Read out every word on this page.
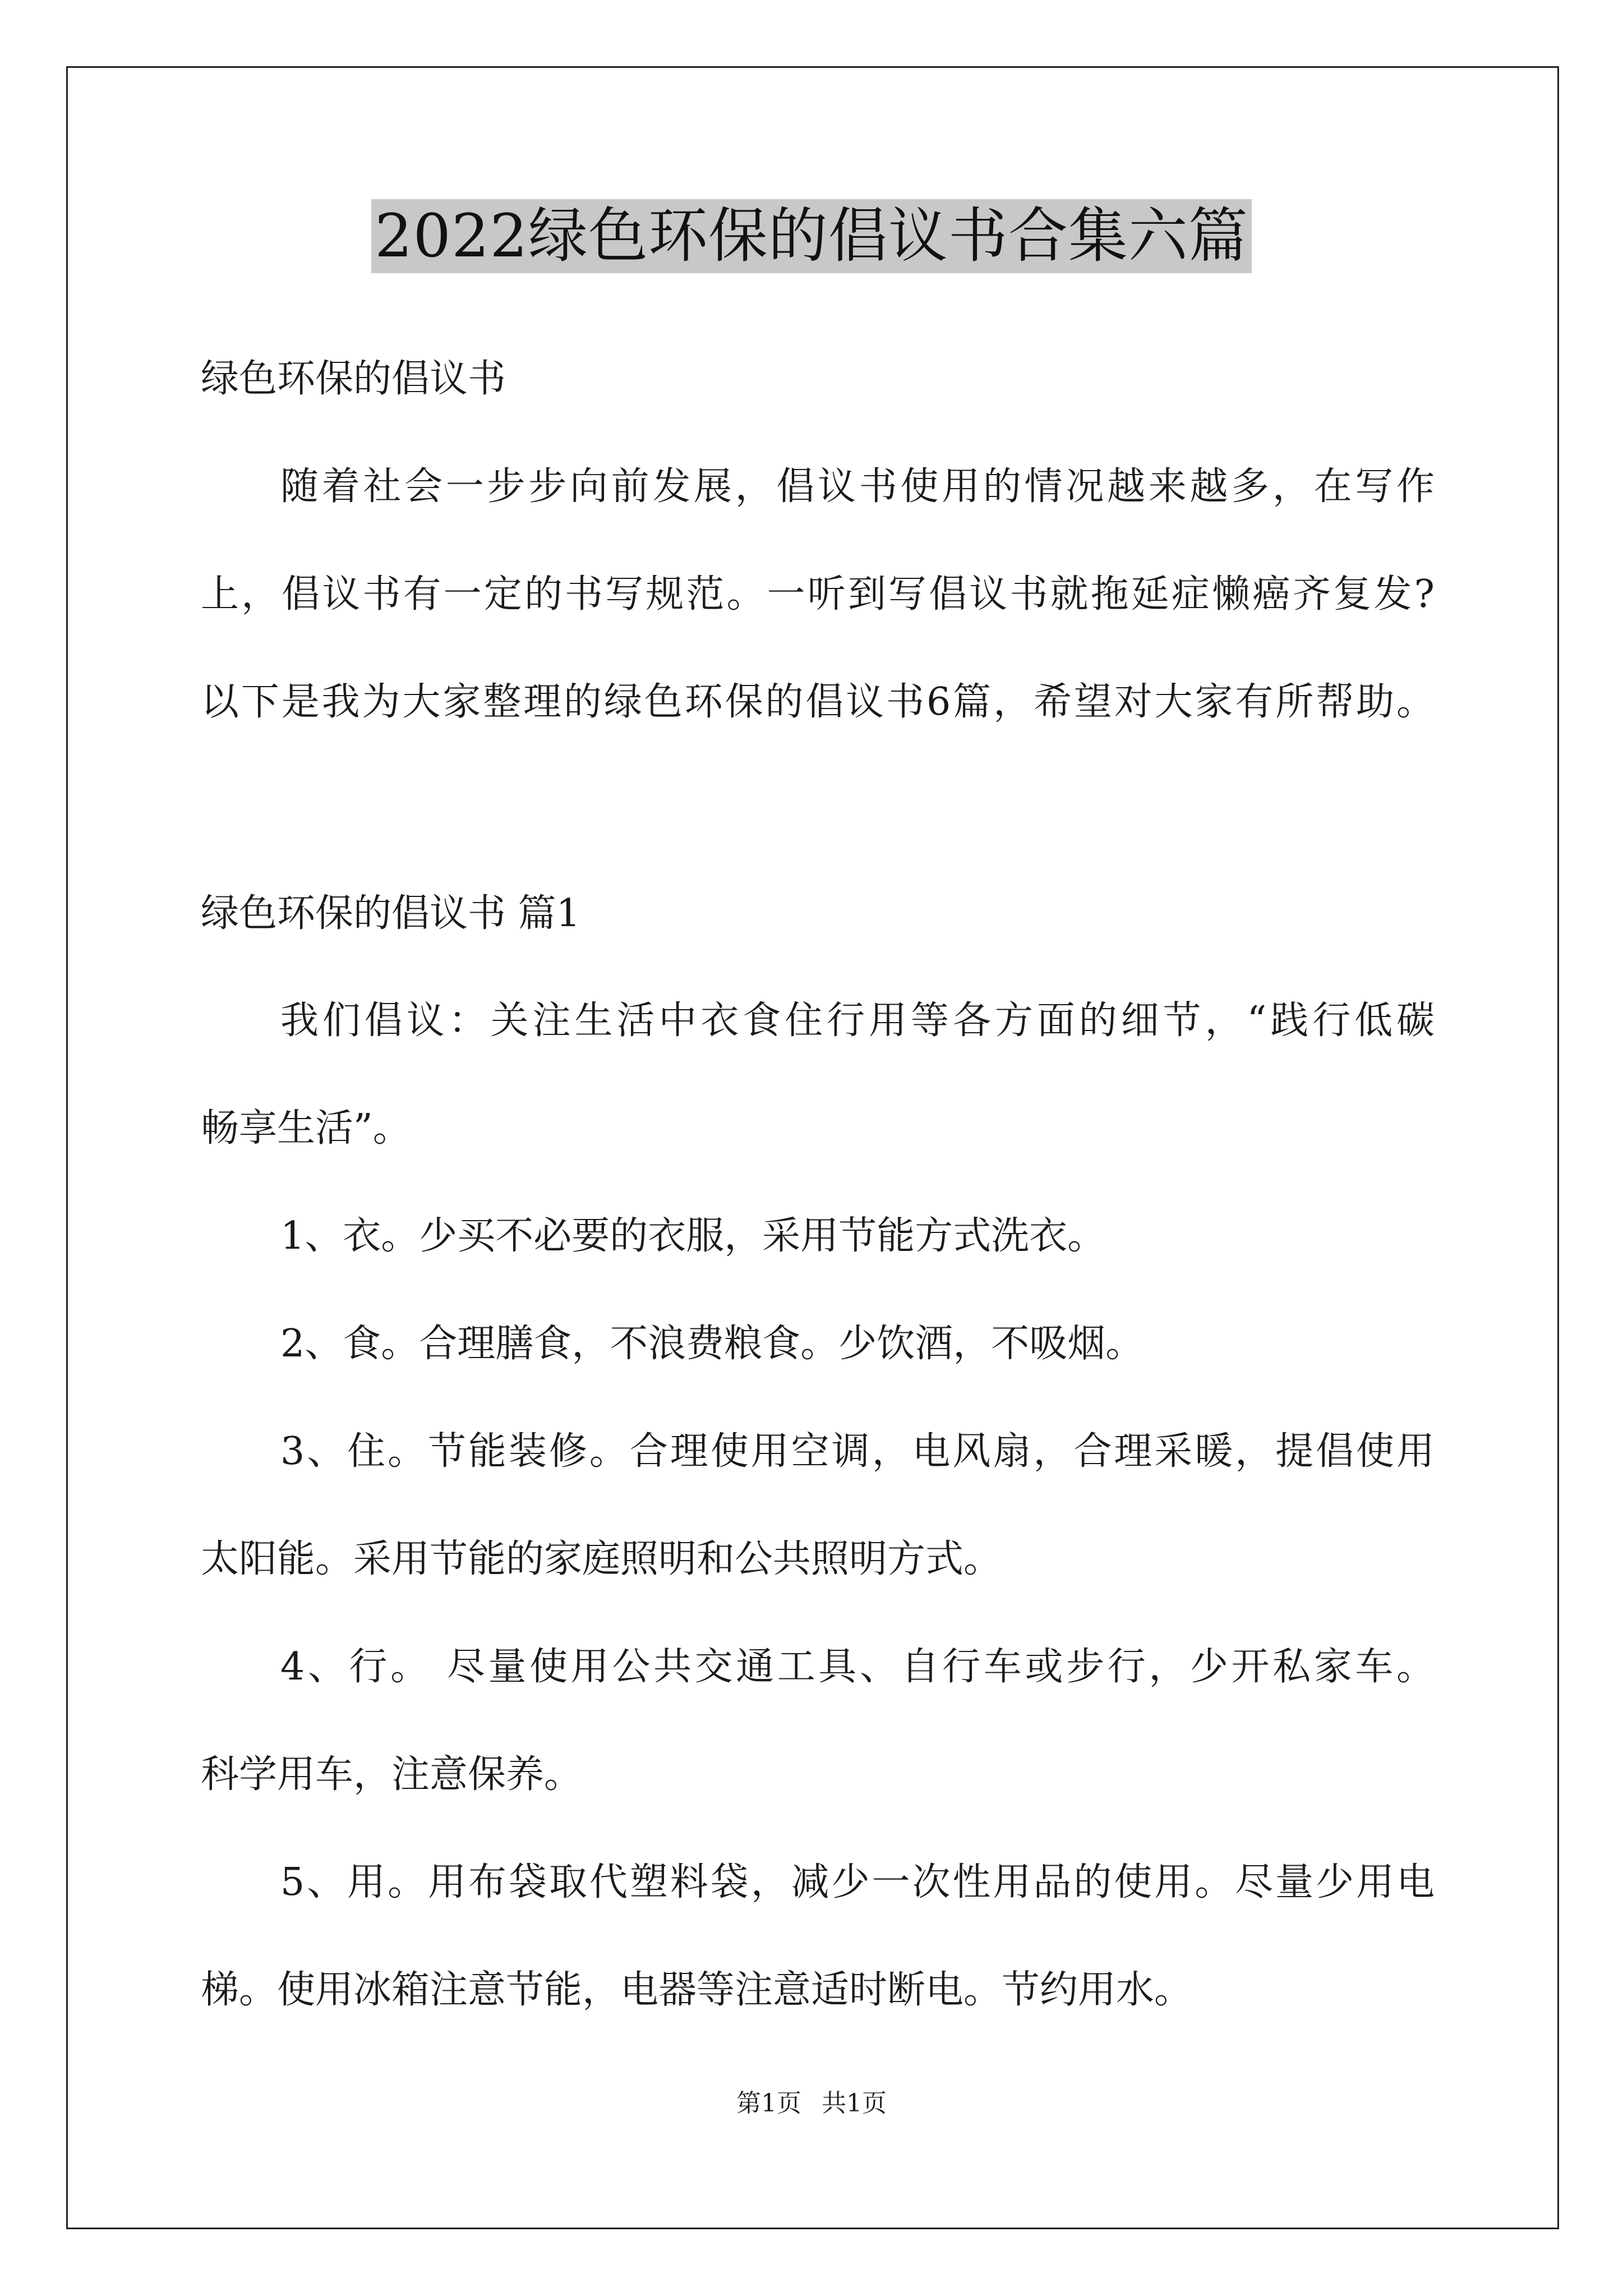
2022绿色环保的倡议书合集六篇
绿色环保的倡议书
随着社会一步步向前发展，倡议书使用的情况越来越多，在写作
上，倡议书有一定的书写规范。一听到写倡议书就拖延症懒癌齐复发?
以下是我为大家整理的绿色环保的倡议书6篇，希望对大家有所帮助。
绿色环保的倡议书 篇1
我们倡议：关注生活中衣食住行用等各方面的细节，“践行低碳
畅享生活”。
1、衣。少买不必要的衣服，采用节能方式洗衣。
2、食。合理膳食，不浪费粮食。少饮酒，不吸烟。
3、住。节能装修。合理使用空调，电风扇，合理采暖，提倡使用
太阳能。采用节能的家庭照明和公共照明方式。
4、行。 尽量使用公共交通工具、自行车或步行，少开私家车。
科学用车，注意保养。
5、用。用布袋取代塑料袋，减少一次性用品的使用。尽量少用电
梯。使用冰箱注意节能，电器等注意适时断电。节约用水。
第1页 共1页
